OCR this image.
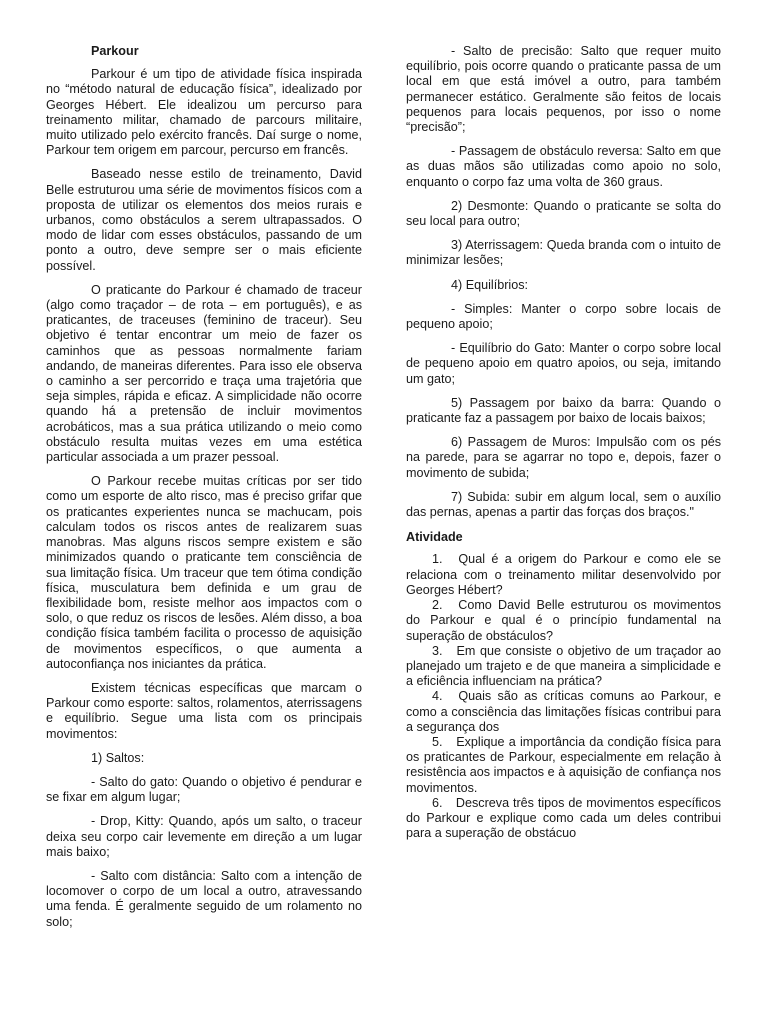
Parkour

Parkour é um tipo de atividade física inspirada no “método natural de educação física”, idealizado por Georges Hébert. Ele idealizou um percurso para treinamento militar, chamado de parcours militaire, muito utilizado pelo exército francês. Daí surge o nome, Parkour tem origem em parcour, percurso em francês.

Baseado nesse estilo de treinamento, David Belle estruturou uma série de movimentos físicos com a proposta de utilizar os elementos dos meios rurais e urbanos, como obstáculos a serem ultrapassados. O modo de lidar com esses obstáculos, passando de um ponto a outro, deve sempre ser o mais eficiente possível.

O praticante do Parkour é chamado de traceur (algo como traçador – de rota – em português), e as praticantes, de traceuses (feminino de traceur). Seu objetivo é tentar encontrar um meio de fazer os caminhos que as pessoas normalmente fariam andando, de maneiras diferentes. Para isso ele observa o caminho a ser percorrido e traça uma trajetória que seja simples, rápida e eficaz. A simplicidade não ocorre quando há a pretensão de incluir movimentos acrobáticos, mas a sua prática utilizando o meio como obstáculo resulta muitas vezes em uma estética particular associada a um prazer pessoal.

O Parkour recebe muitas críticas por ser tido como um esporte de alto risco, mas é preciso grifar que os praticantes experientes nunca se machucam, pois calculam todos os riscos antes de realizarem suas manobras. Mas alguns riscos sempre existem e são minimizados quando o praticante tem consciência de sua limitação física. Um traceur que tem ótima condição física, musculatura bem definida e um grau de flexibilidade bom, resiste melhor aos impactos com o solo, o que reduz os riscos de lesões. Além disso, a boa condição física também facilita o processo de aquisição de movimentos específicos, o que aumenta a autoconfiança nos iniciantes da prática.

Existem técnicas específicas que marcam o Parkour como esporte: saltos, rolamentos, aterrissagens e equilíbrio. Segue uma lista com os principais movimentos:

1) Saltos:

- Salto do gato: Quando o objetivo é pendurar e se fixar em algum lugar;

- Drop, Kitty: Quando, após um salto, o traceur deixa seu corpo cair levemente em direção a um lugar mais baixo;

- Salto com distância: Salto com a intenção de locomover o corpo de um local a outro, atravessando uma fenda. É geralmente seguido de um rolamento no solo;

- Salto de precisão: Salto que requer muito equilíbrio, pois ocorre quando o praticante passa de um local em que está imóvel a outro, para também permanecer estático. Geralmente são feitos de locais pequenos para locais pequenos, por isso o nome “precisão”;

- Passagem de obstáculo reversa: Salto em que as duas mãos são utilizadas como apoio no solo, enquanto o corpo faz uma volta de 360 graus.

2) Desmonte: Quando o praticante se solta do seu local para outro;

3) Aterrissagem: Queda branda com o intuito de minimizar lesões;

4) Equilíbrios:

- Simples: Manter o corpo sobre locais de pequeno apoio;

- Equilíbrio do Gato: Manter o corpo sobre local de pequeno apoio em quatro apoios, ou seja, imitando um gato;

5) Passagem por baixo da barra: Quando o praticante faz a passagem por baixo de locais baixos;

6) Passagem de Muros: Impulsão com os pés na parede, para se agarrar no topo e, depois, fazer o movimento de subida;

7) Subida: subir em algum local, sem o auxílio das pernas, apenas a partir das forças dos braços."

Atividade

1. Qual é a origem do Parkour e como ele se relaciona com o treinamento militar desenvolvido por Georges Hébert?
2. Como David Belle estruturou os movimentos do Parkour e qual é o princípio fundamental na superação de obstáculos?
3. Em que consiste o objetivo de um traçador ao planejado um trajeto e de que maneira a simplicidade e a eficiência influenciam na prática?
4. Quais são as críticas comuns ao Parkour, e como a consciência das limitações físicas contribui para a segurança dos
5. Explique a importância da condição física para os praticantes de Parkour, especialmente em relação à resistência aos impactos e à aquisição de confiança nos movimentos.
6. Descreva três tipos de movimentos específicos do Parkour e explique como cada um deles contribui para a superação de obstácuo
